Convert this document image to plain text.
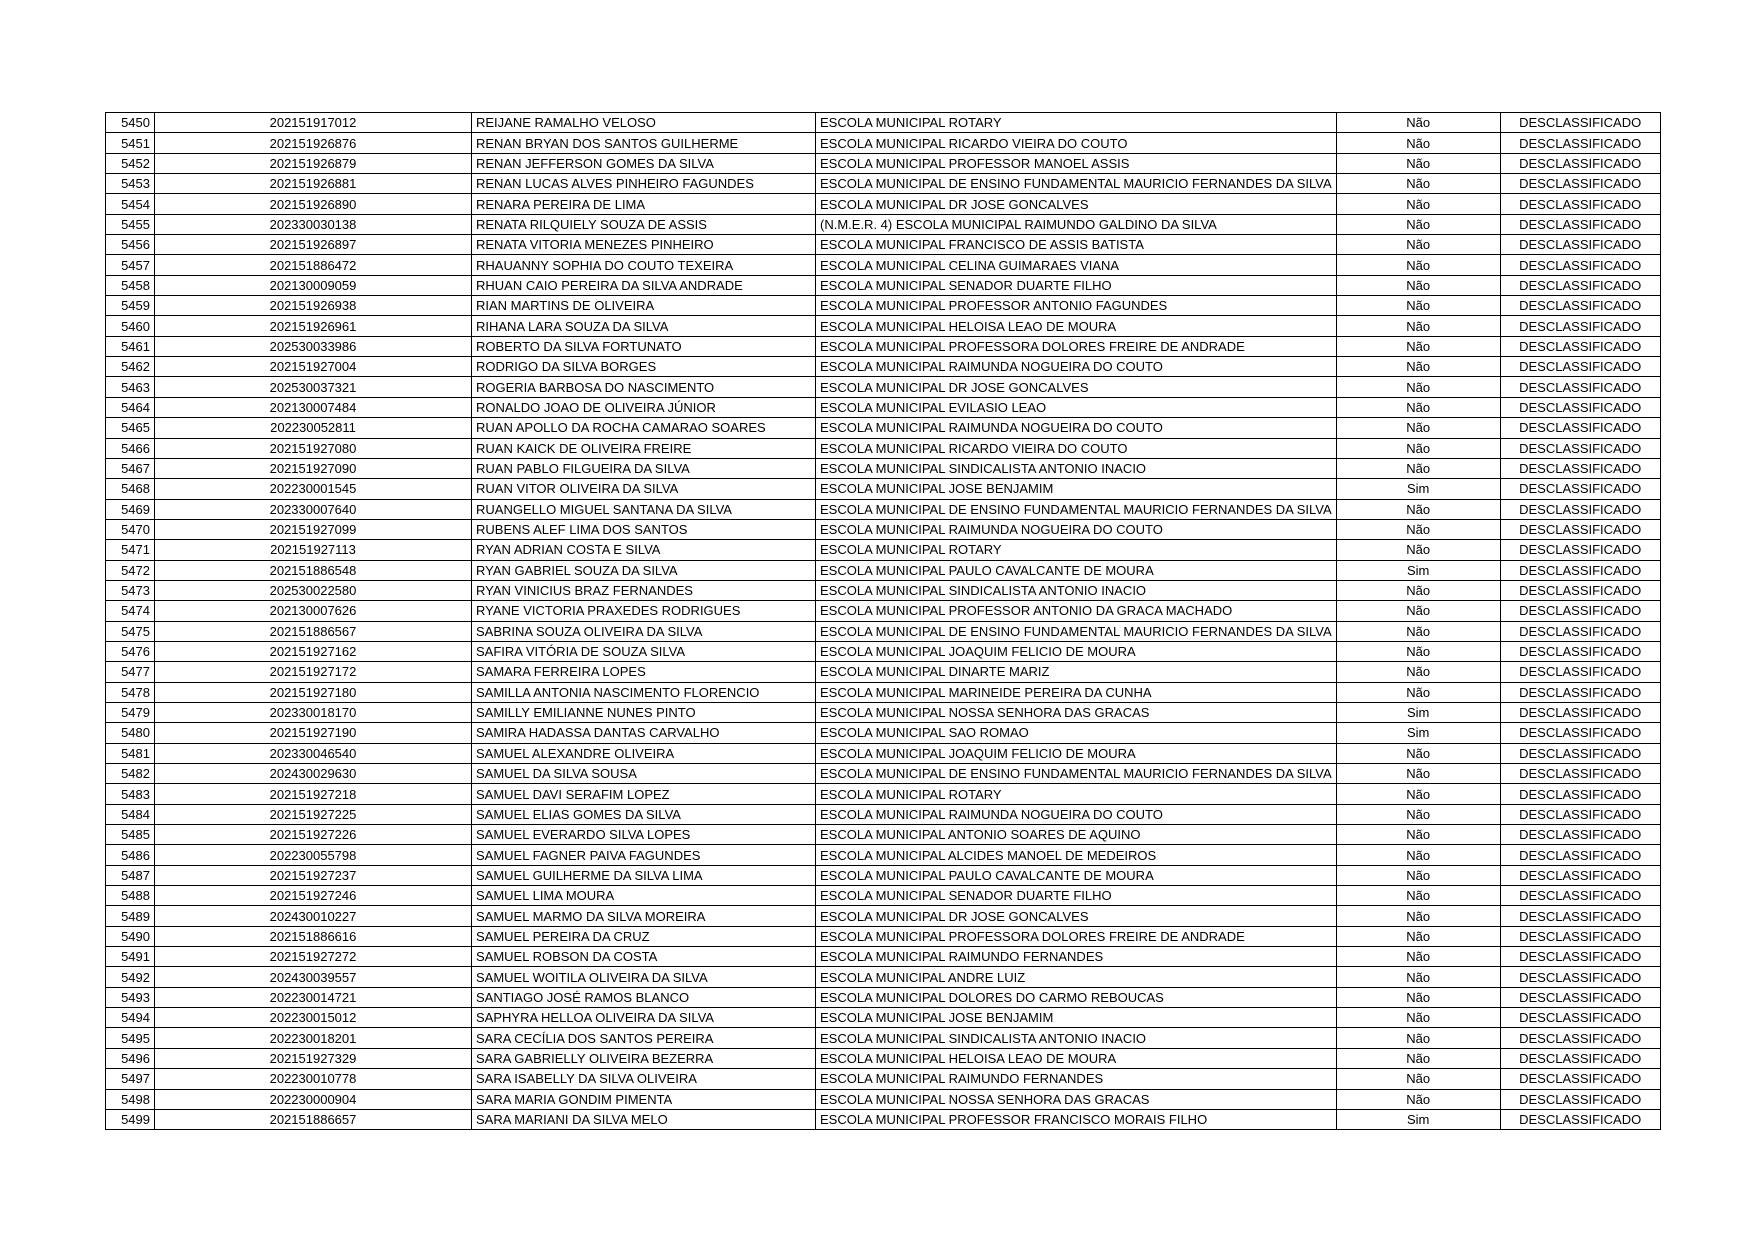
5450	202151917012	REIJANE RAMALHO VELOSO	ESCOLA MUNICIPAL ROTARY	Não	DESCLASSIFICADO
5451	202151926876	RENAN BRYAN DOS SANTOS GUILHERME	ESCOLA MUNICIPAL RICARDO VIEIRA DO COUTO	Não	DESCLASSIFICADO
5452	202151926879	RENAN JEFFERSON GOMES DA SILVA	ESCOLA MUNICIPAL PROFESSOR MANOEL ASSIS	Não	DESCLASSIFICADO
5453	202151926881	RENAN LUCAS ALVES PINHEIRO FAGUNDES	ESCOLA MUNICIPAL DE ENSINO FUNDAMENTAL MAURICIO FERNANDES DA SILVA	Não	DESCLASSIFICADO
5454	202151926890	RENARA PEREIRA DE LIMA	ESCOLA MUNICIPAL DR JOSE GONCALVES	Não	DESCLASSIFICADO
5455	202330030138	RENATA RILQUIELY SOUZA DE ASSIS	(N.M.E.R. 4) ESCOLA MUNICIPAL RAIMUNDO GALDINO DA SILVA	Não	DESCLASSIFICADO
5456	202151926897	RENATA VITORIA MENEZES PINHEIRO	ESCOLA MUNICIPAL FRANCISCO DE ASSIS BATISTA	Não	DESCLASSIFICADO
5457	202151886472	RHAUANNY SOPHIA DO COUTO TEXEIRA	ESCOLA MUNICIPAL CELINA GUIMARAES VIANA	Não	DESCLASSIFICADO
5458	202130009059	RHUAN CAIO PEREIRA DA SILVA ANDRADE	ESCOLA MUNICIPAL SENADOR DUARTE FILHO	Não	DESCLASSIFICADO
5459	202151926938	RIAN MARTINS DE OLIVEIRA	ESCOLA MUNICIPAL PROFESSOR ANTONIO FAGUNDES	Não	DESCLASSIFICADO
5460	202151926961	RIHANA LARA SOUZA DA SILVA	ESCOLA MUNICIPAL HELOISA LEAO DE MOURA	Não	DESCLASSIFICADO
5461	202530033986	ROBERTO DA SILVA FORTUNATO	ESCOLA MUNICIPAL PROFESSORA DOLORES FREIRE DE ANDRADE	Não	DESCLASSIFICADO
5462	202151927004	RODRIGO DA SILVA BORGES	ESCOLA MUNICIPAL RAIMUNDA NOGUEIRA DO COUTO	Não	DESCLASSIFICADO
5463	202530037321	ROGERIA BARBOSA DO NASCIMENTO	ESCOLA MUNICIPAL DR JOSE GONCALVES	Não	DESCLASSIFICADO
5464	202130007484	RONALDO JOAO DE OLIVEIRA JÚNIOR	ESCOLA MUNICIPAL EVILASIO LEAO	Não	DESCLASSIFICADO
5465	202230052811	RUAN APOLLO DA ROCHA CAMARAO SOARES	ESCOLA MUNICIPAL RAIMUNDA NOGUEIRA DO COUTO	Não	DESCLASSIFICADO
5466	202151927080	RUAN KAICK DE OLIVEIRA FREIRE	ESCOLA MUNICIPAL RICARDO VIEIRA DO COUTO	Não	DESCLASSIFICADO
5467	202151927090	RUAN PABLO FILGUEIRA DA SILVA	ESCOLA MUNICIPAL SINDICALISTA ANTONIO INACIO	Não	DESCLASSIFICADO
5468	202230001545	RUAN VITOR OLIVEIRA DA SILVA	ESCOLA MUNICIPAL JOSE BENJAMIM	Sim	DESCLASSIFICADO
5469	202330007640	RUANGELLO MIGUEL SANTANA DA SILVA	ESCOLA MUNICIPAL DE ENSINO FUNDAMENTAL MAURICIO FERNANDES DA SILVA	Não	DESCLASSIFICADO
5470	202151927099	RUBENS ALEF LIMA DOS SANTOS	ESCOLA MUNICIPAL RAIMUNDA NOGUEIRA DO COUTO	Não	DESCLASSIFICADO
5471	202151927113	RYAN ADRIAN COSTA E SILVA	ESCOLA MUNICIPAL ROTARY	Não	DESCLASSIFICADO
5472	202151886548	RYAN GABRIEL SOUZA DA SILVA	ESCOLA MUNICIPAL PAULO CAVALCANTE DE MOURA	Sim	DESCLASSIFICADO
5473	202530022580	RYAN VINICIUS BRAZ FERNANDES	ESCOLA MUNICIPAL SINDICALISTA ANTONIO INACIO	Não	DESCLASSIFICADO
5474	202130007626	RYANE VICTORIA PRAXEDES RODRIGUES	ESCOLA MUNICIPAL PROFESSOR ANTONIO DA GRACA MACHADO	Não	DESCLASSIFICADO
5475	202151886567	SABRINA SOUZA OLIVEIRA DA SILVA	ESCOLA MUNICIPAL DE ENSINO FUNDAMENTAL MAURICIO FERNANDES DA SILVA	Não	DESCLASSIFICADO
5476	202151927162	SAFIRA VITÓRIA DE SOUZA SILVA	ESCOLA MUNICIPAL JOAQUIM FELICIO DE MOURA	Não	DESCLASSIFICADO
5477	202151927172	SAMARA FERREIRA LOPES	ESCOLA MUNICIPAL DINARTE MARIZ	Não	DESCLASSIFICADO
5478	202151927180	SAMILLA ANTONIA NASCIMENTO FLORENCIO	ESCOLA MUNICIPAL MARINEIDE PEREIRA DA CUNHA	Não	DESCLASSIFICADO
5479	202330018170	SAMILLY EMILIANNE NUNES PINTO	ESCOLA MUNICIPAL NOSSA SENHORA DAS GRACAS	Sim	DESCLASSIFICADO
5480	202151927190	SAMIRA HADASSA DANTAS CARVALHO	ESCOLA MUNICIPAL SAO ROMAO	Sim	DESCLASSIFICADO
5481	202330046540	SAMUEL ALEXANDRE OLIVEIRA	ESCOLA MUNICIPAL JOAQUIM FELICIO DE MOURA	Não	DESCLASSIFICADO
5482	202430029630	SAMUEL DA SILVA SOUSA	ESCOLA MUNICIPAL DE ENSINO FUNDAMENTAL MAURICIO FERNANDES DA SILVA	Não	DESCLASSIFICADO
5483	202151927218	SAMUEL DAVI SERAFIM LOPEZ	ESCOLA MUNICIPAL ROTARY	Não	DESCLASSIFICADO
5484	202151927225	SAMUEL ELIAS GOMES DA SILVA	ESCOLA MUNICIPAL RAIMUNDA NOGUEIRA DO COUTO	Não	DESCLASSIFICADO
5485	202151927226	SAMUEL EVERARDO SILVA LOPES	ESCOLA MUNICIPAL ANTONIO SOARES DE AQUINO	Não	DESCLASSIFICADO
5486	202230055798	SAMUEL FAGNER PAIVA FAGUNDES	ESCOLA MUNICIPAL ALCIDES MANOEL DE MEDEIROS	Não	DESCLASSIFICADO
5487	202151927237	SAMUEL GUILHERME DA SILVA LIMA	ESCOLA MUNICIPAL PAULO CAVALCANTE DE MOURA	Não	DESCLASSIFICADO
5488	202151927246	SAMUEL LIMA MOURA	ESCOLA MUNICIPAL SENADOR DUARTE FILHO	Não	DESCLASSIFICADO
5489	202430010227	SAMUEL MARMO DA SILVA MOREIRA	ESCOLA MUNICIPAL DR JOSE GONCALVES	Não	DESCLASSIFICADO
5490	202151886616	SAMUEL PEREIRA DA CRUZ	ESCOLA MUNICIPAL PROFESSORA DOLORES FREIRE DE ANDRADE	Não	DESCLASSIFICADO
5491	202151927272	SAMUEL ROBSON DA COSTA	ESCOLA MUNICIPAL RAIMUNDO FERNANDES	Não	DESCLASSIFICADO
5492	202430039557	SAMUEL WOITILA OLIVEIRA DA SILVA	ESCOLA MUNICIPAL ANDRE LUIZ	Não	DESCLASSIFICADO
5493	202230014721	SANTIAGO JOSÉ RAMOS BLANCO	ESCOLA MUNICIPAL DOLORES DO CARMO REBOUCAS	Não	DESCLASSIFICADO
5494	202230015012	SAPHYRA HELLOA OLIVEIRA DA SILVA	ESCOLA MUNICIPAL JOSE BENJAMIM	Não	DESCLASSIFICADO
5495	202230018201	SARA CECÍLIA DOS SANTOS PEREIRA	ESCOLA MUNICIPAL SINDICALISTA ANTONIO INACIO	Não	DESCLASSIFICADO
5496	202151927329	SARA GABRIELLY OLIVEIRA BEZERRA	ESCOLA MUNICIPAL HELOISA LEAO DE MOURA	Não	DESCLASSIFICADO
5497	202230010778	SARA ISABELLY DA SILVA OLIVEIRA	ESCOLA MUNICIPAL RAIMUNDO FERNANDES	Não	DESCLASSIFICADO
5498	202230000904	SARA MARIA GONDIM PIMENTA	ESCOLA MUNICIPAL NOSSA SENHORA DAS GRACAS	Não	DESCLASSIFICADO
5499	202151886657	SARA MARIANI DA SILVA MELO	ESCOLA MUNICIPAL PROFESSOR FRANCISCO MORAIS FILHO	Sim	DESCLASSIFICADO
